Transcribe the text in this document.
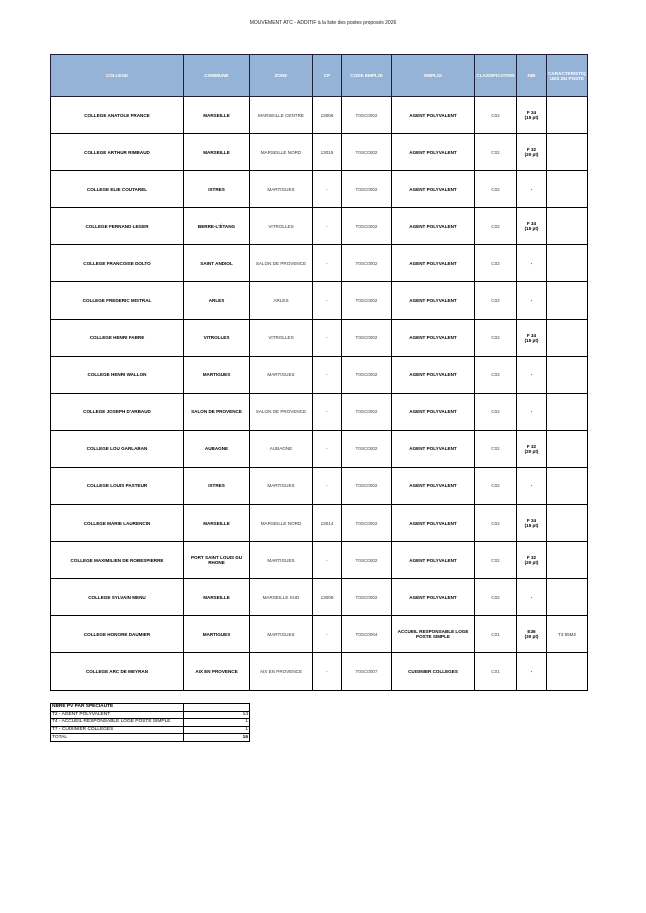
MOUVEMENT ATC - ADDITIF à la liste des postes proposés 2026
COLLEGE	COMMUNE	ZONE	CP	CODE EMPLOI	EMPLOI	CLASSIFICATION	NBI	CARACTERISTIQUES DU POSTE
COLLEGE ANATOLE FRANCE	MARSEILLE	MARSEILLE CENTRE	13006	T0SC0002	AGENT POLYVALENT	C02	F 34
(15 pt)	
COLLEGE ARTHUR RIMBAUD	MARSEILLE	MARSEILLE NORD	13015	T0SC0002	AGENT POLYVALENT	C02	F 32
(20 pt)	
COLLEGE ELIE COUTAREL	ISTRES	MARTIGUES	-	T0SC0002	AGENT POLYVALENT	C02	-	
COLLEGE FERNAND LEGER	BERRE-L'ÉTANG	VITROLLES	-	T0SC0002	AGENT POLYVALENT	C02	F 34
(15 pt)	
COLLEGE FRANCOISE DOLTO	SAINT ANDIOL	SALON DE PROVENCE	-	T0SC0002	AGENT POLYVALENT	C02	-	
COLLEGE FREDERIC MISTRAL	ARLES	ARLES	-	T0SC0002	AGENT POLYVALENT	C02	-	
COLLEGE HENRI FABRE	VITROLLES	VITROLLES	-	T0SC0002	AGENT POLYVALENT	C02	F 34
(15 pt)	
COLLEGE HENRI WALLON	MARTIGUES	MARTIGUES	-	T0SC0002	AGENT POLYVALENT	C02	-	
COLLEGE JOSEPH D'ARBAUD	SALON DE PROVENCE	SALON DE PROVENCE	-	T0SC0002	AGENT POLYVALENT	C02	-	
COLLEGE LOU GARLABAN	AUBAGNE	AUBAGNE	-	T0SC0002	AGENT POLYVALENT	C02	F 32
(20 pt)	
COLLEGE LOUIS PASTEUR	ISTRES	MARTIGUES	-	T0SC0002	AGENT POLYVALENT	C02	-	
COLLEGE MARIE LAURENCIN	MARSEILLE	MARSEILLE NORD	13014	T0SC0002	AGENT POLYVALENT	C02	F 34
(15 pt)	
COLLEGE MAXIMILIEN DE ROBESPIERRE	PORT SAINT LOUIS DU RHONE	MARTIGUES	-	T0SC0002	AGENT POLYVALENT	C02	F 32
(20 pt)	
COLLEGE SYLVAIN MENU	MARSEILLE	MARSEILLE SUD	13009	T0SC0002	AGENT POLYVALENT	C02	-	
COLLEGE HONORE DAUMIER	MARTIGUES	MARTIGUES	-	T0SC0004	ACCUEIL RESPONSABLE LOGE POSTE SIMPLE	C01	E36
(30 pt)	T3 85M2
COLLEGE ARC DE MEYRAN	AIX EN PROVENCE	AIX EN PROVENCE	-	T0SC0007	CUISINIER COLLEGES	C01	-	
NBRE PV PAR SPECIAUTE	
T2 - AGENT POLYVALENT	14
T4 - ACCUEIL RESPONSABLE LOGE POSTE SIMPLE	1
T7 - CUISINIER COLLEGES	1
TOTAL	16
